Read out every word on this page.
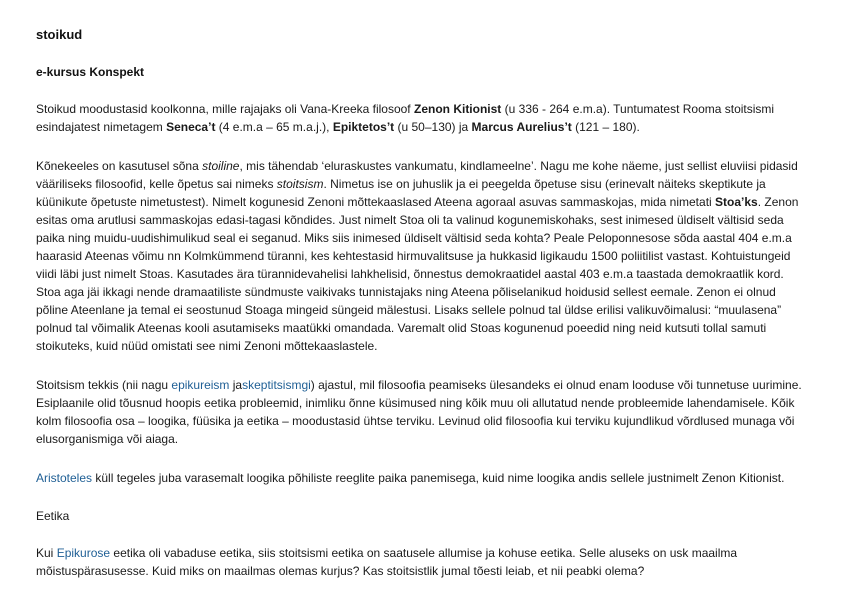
stoikud
e-kursus Konspekt

Stoikud moodustasid koolkonna, mille rajajaks oli Vana-Kreeka filosoof Zenon Kitionist (u 336 - 264 e.m.a). Tuntumatest Rooma stoitsismi esindajatest nimetagem Seneca’t (4 e.m.a – 65 m.a.j.), Epiktetos’t (u 50–130) ja Marcus Aurelius’t (121 – 180).

Kõnekeeles on kasutusel sõna stoiline, mis tähendab ‘eluraskustes vankumatu, kindlameelne’. Nagu me kohe näeme, just sellist eluviisi pidasid vääriliseks filosoofid, kelle õpetus sai nimeks stoitsism. Nimetus ise on juhuslik ja ei peegelda õpetuse sisu (erinevalt näiteks skeptikute ja küünikute õpetuste nimetustest). Nimelt kogunesid Zenoni mõttekaaslased Ateena agoraal asuvas sammaskojas, mida nimetati Stoa’ks. Zenon esitas oma arutlusi sammaskojas edasi-tagasi kõndides. Just nimelt Stoa oli ta valinud kogunemiskohaks, sest inimesed üldiselt vältisid seda paika ning muidu-uudishimulikud seal ei seganud. Miks siis inimesed üldiselt vältisid seda kohta? Peale Peloponnesose sõda aastal 404 e.m.a haarasid Ateenas võimu nn Kolmkümmend türanni, kes kehtestasid hirmuvalitsuse ja hukkasid ligikaudu 1500 poliitilist vastast. Kohtuistungeid viidi läbi just nimelt Stoas. Kasutades ära türannidevahelisi lahkhelisid, õnnestus demokraatidel aastal 403 e.m.a taastada demokraatlik kord. Stoa aga jäi ikkagi nende dramaatiliste sündmuste vaikivaks tunnistajaks ning Ateena põliselanikud hoidusid sellest eemale. Zenon ei olnud põline Ateenlane ja temal ei seostunud Stoaga mingeid süngeid mälestusi. Lisaks sellele polnud tal üldse erilisi valikuvõimalusi: “muulasena” polnud tal võimalik Ateenas kooli asutamiseks maatükki omandada. Varemalt olid Stoas kogunenud poeedid ning neid kutsuti tollal samuti stoikuteks, kuid nüüd omistati see nimi Zenoni mõttekaaslastele.

Stoitsism tekkis (nii nagu epikureism jaskeptitsismgi) ajastul, mil filosoofia peamiseks ülesandeks ei olnud enam looduse või tunnetuse uurimine. Esiplaanile olid tõusnud hoopis eetika probleemid, inimliku õnne küsimused ning kõik muu oli allutatud nende probleemide lahendamisele. Kõik kolm filosoofia osa – loogika, füüsika ja eetika – moodustasid ühtse terviku. Levinud olid filosoofia kui terviku kujundlikud võrdlused munaga või elusorganismiga või aiaga.

Aristoteles küll tegeles juba varasemalt loogika põhiliste reeglite paika panemisega, kuid nime loogika andis sellele justnimelt Zenon Kitionist.

Eetika

Kui Epikurose eetika oli vabaduse eetika, siis stoitsismi eetika on saatusele allumise ja kohuse eetika. Selle aluseks on usk maailma mõistuspärasusesse. Kuid miks on maailmas olemas kurjus? Kas stoitsistlik jumal tõesti leiab, et nii peabki olema?
